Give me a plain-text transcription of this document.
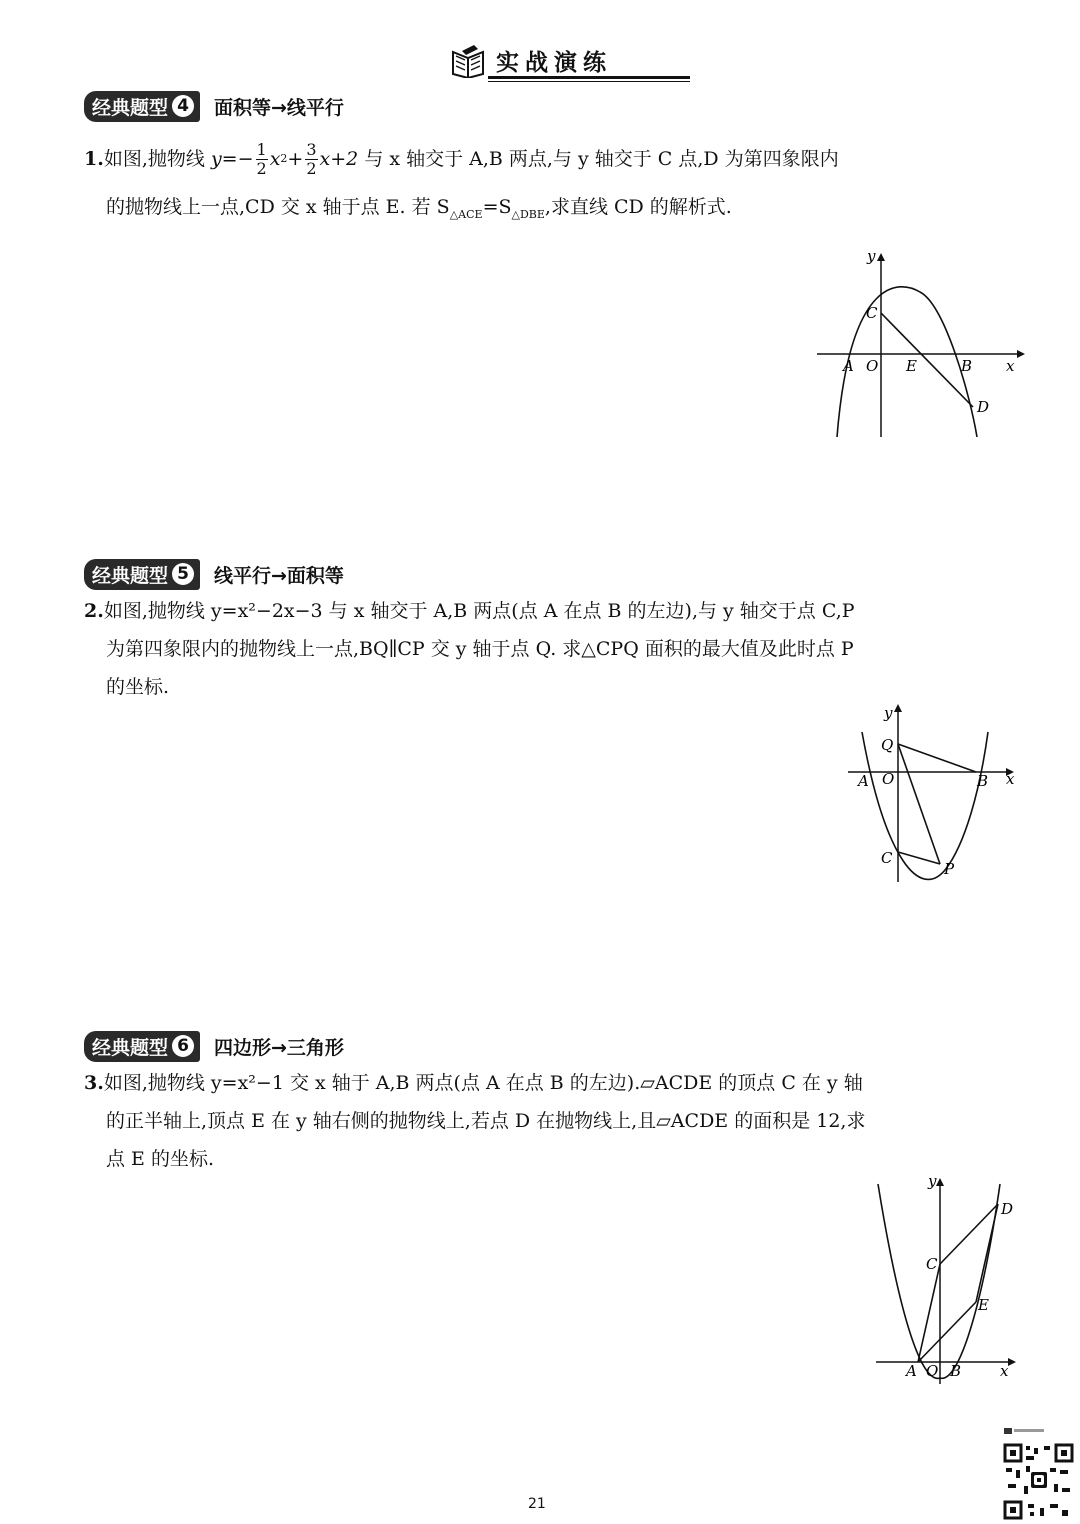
实战演练
经典题型 4 面积等→线平行
1. 如图,抛物线
$y=- \frac{1}{2}$ x $2 + \frac{3}{2} x+2$
与 x 轴交于 A,B 两点,与 y 轴交于 C 点,D 为第四象限内
的抛物线上一点,CD 交 x 轴于点 E. 若 $S_{\triangle ACE}=S_{\triangle DBE}$,求直线 CD 的解析式.
y
x
C
A O E	B
D
经典题型 5 线平行→面积等
2.如图,抛物线 y=x²−2x−3 与 x 轴交于 A,B 两点(点 A 在点 B 的左边),与 y 轴交于点 C,P
为第四象限内的抛物线上一点,BQ∥CP 交 y 轴于点 Q. 求△CPQ 面积的最大值及此时点 P
的坐标.
y
x
Q
A O	B
C
P
经典题型 6 四边形→三角形
3.如图,抛物线 y=x²−1 交 x 轴于 A,B 两点(点 A 在点 B 的左边).▱ACDE 的顶点 C 在 y 轴
的正半轴上,顶点 E 在 y 轴右侧的抛物线上,若点 D 在抛物线上,且▱ACDE 的面积是 12,求
点 E 的坐标.
y
x
D
C
E
A O B
21
